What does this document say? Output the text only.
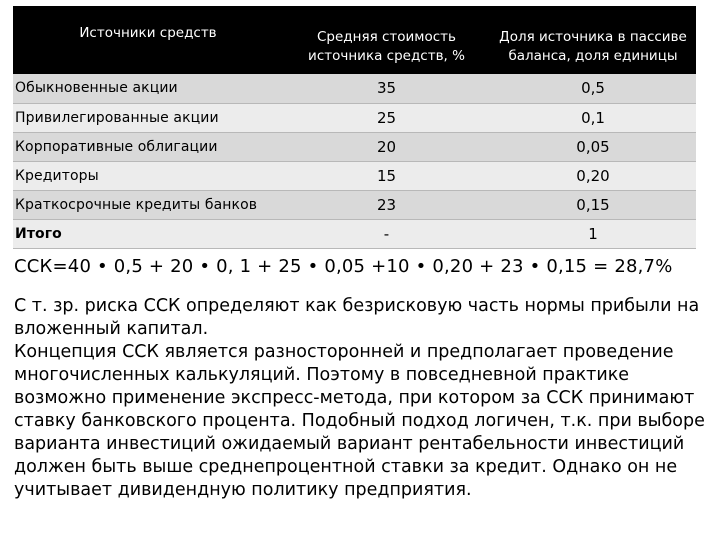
Источники средств	Средняя стоимость источника средств, %	Доля источника в пассиве баланса, доля единицы
Обыкновенные акции	35	0,5
Привилегированные акции	25	0,1
Корпоративные облигации	20	0,05
Кредиторы	15	0,20
Краткосрочные кредиты банков	23	0,15
Итого	-	1
ССК=40 • 0,5 + 20 • 0, 1 + 25 • 0,05 +10 • 0,20 + 23 • 0,15 = 28,7%

С т. зр. риска ССК определяют как безрисковую часть нормы прибыли на вложенный капитал.

Концепция ССК является разносторонней и предполагает проведение многочисленных калькуляций. Поэтому в повседневной практике возможно применение экспресс-метода, при котором за ССК принимают ставку банковского процента. Подобный подход логичен, т.к. при выборе варианта инвестиций ожидаемый вариант рентабельности инвестиций должен быть выше среднепроцентной ставки за кредит. Однако он не учитывает дивидендную политику предприятия.
